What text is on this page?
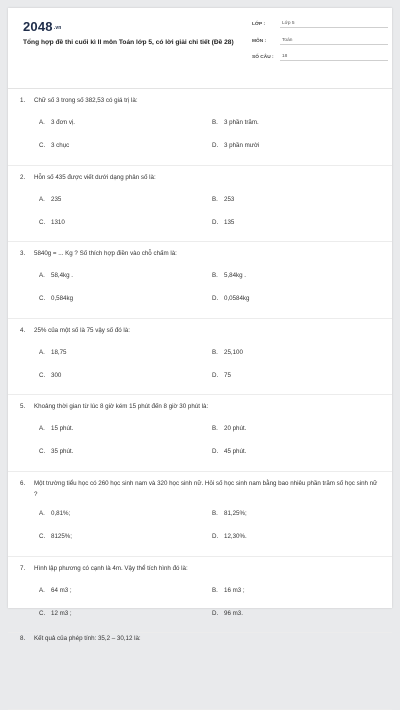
2048.vn
Tổng hợp đề thi cuối kì II môn Toán lớp 5, có lời giải chi tiết (Đề 28)
LỚP :	Lớp 5
MÔN :	Toán
SỐ CÂU :	18
1.	Chữ số 3 trong số 382,53 có giá trị là:
A. 3 đơn vị.	B. 3 phần trăm.
C. 3 chục	D. 3 phần mười
2.	Hỗn số 435 được viết dưới dạng phân số là:
A. 235	B. 253
C. 1310	D. 135
3.	5840g = ... Kg ? Số thích hợp điền vào chỗ chấm là:
A. 58,4kg .	B. 5,84kg .
C. 0,584kg	D. 0,0584kg
4.	25% của một số là 75 vậy số đó là:
A. 18,75	B. 25,100
C. 300	D. 75
5.	Khoảng thời gian từ lúc 8 giờ kém 15 phút đến 8 giờ 30 phút là:
A. 15 phút.	B. 20 phút.
C. 35 phút.	D. 45 phút.
6.	Một trường tiểu học có 260 học sinh nam và 320 học sinh nữ. Hỏi số học sinh nam bằng bao nhiêu phần trăm số học sinh nữ ?
A. 0,81%;	B. 81,25%;
C. 8125%;	D. 12,30%.
7.	Hình lập phương có cạnh là 4m. Vậy thể tích hình đó là:
A. 64 m3 ;	B. 16 m3 ;
C. 12 m3 ;	D. 96 m3.
8.	Kết quả của phép tính: 35,2 – 30,12 là:
